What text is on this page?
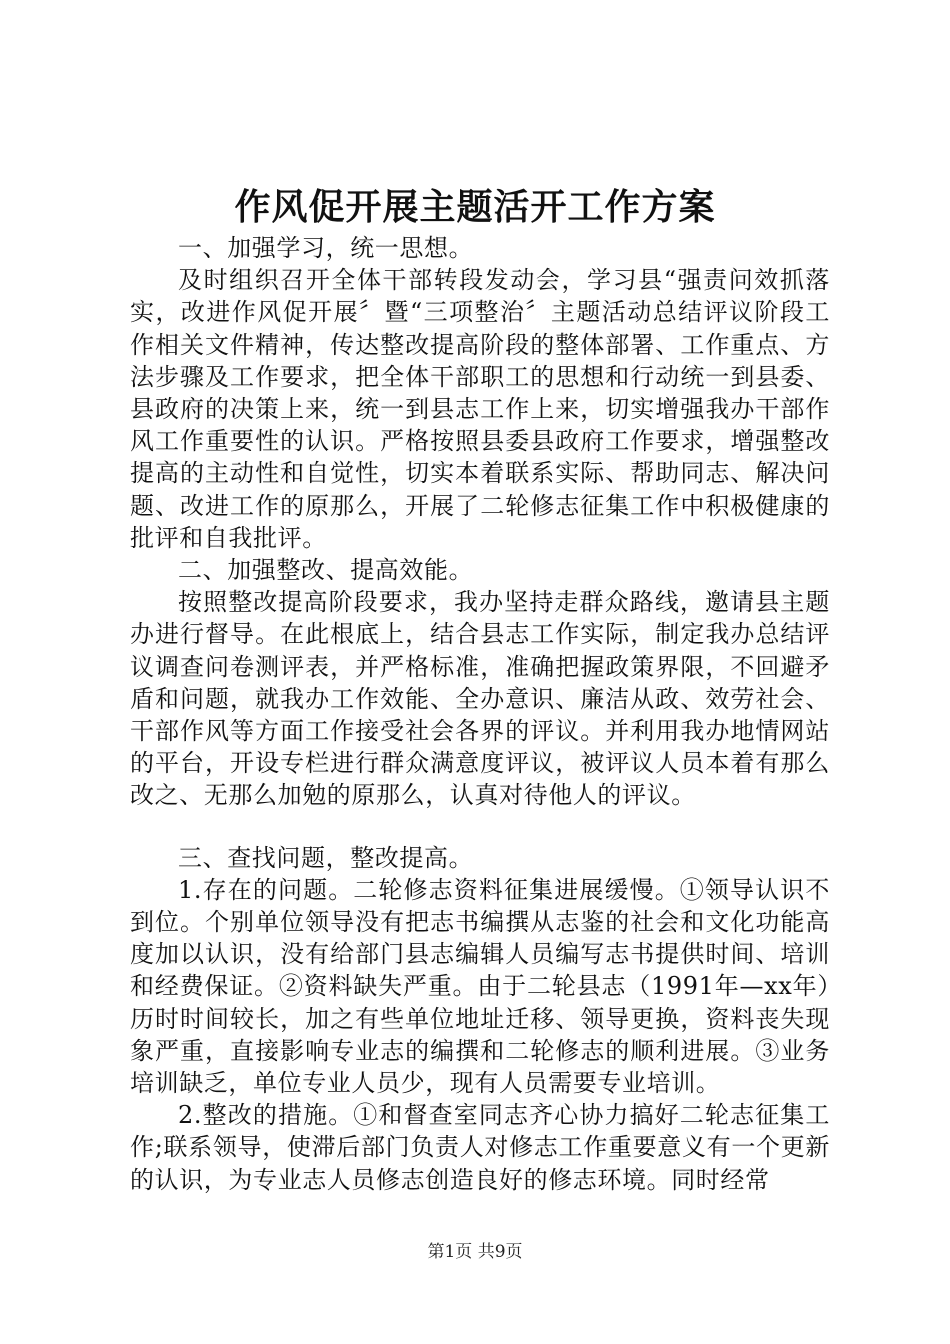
作风促开展主题活开工作方案

一、加强学习，统一思想。

及时组织召开全体干部转段发动会，学习县“强责问效抓落实，改进作风促开展〞暨“三项整治〞主题活动总结评议阶段工作相关文件精神，传达整改提高阶段的整体部署、工作重点、方法步骤及工作要求，把全体干部职工的思想和行动统一到县委、县政府的决策上来，统一到县志工作上来，切实增强我办干部作风工作重要性的认识。严格按照县委县政府工作要求，增强整改提高的主动性和自觉性，切实本着联系实际、帮助同志、解决问题、改进工作的原那么，开展了二轮修志征集工作中积极健康的批评和自我批评。

二、加强整改、提高效能。

按照整改提高阶段要求，我办坚持走群众路线，邀请县主题办进行督导。在此根底上，结合县志工作实际，制定我办总结评议调查问卷测评表，并严格标准，准确把握政策界限，不回避矛盾和问题，就我办工作效能、全办意识、廉洁从政、效劳社会、干部作风等方面工作接受社会各界的评议。并利用我办地情网站的平台，开设专栏进行群众满意度评议，被评议人员本着有那么改之、无那么加勉的原那么，认真对待他人的评议。

三、查找问题，整改提高。

1.存在的问题。二轮修志资料征集进展缓慢。①领导认识不到位。个别单位领导没有把志书编撰从志鉴的社会和文化功能高度加以认识，没有给部门县志编辑人员编写志书提供时间、培训和经费保证。②资料缺失严重。由于二轮县志（1991年—xx年）历时时间较长，加之有些单位地址迁移、领导更换，资料丧失现象严重，直接影响专业志的编撰和二轮修志的顺利进展。③业务培训缺乏，单位专业人员少，现有人员需要专业培训。

2.整改的措施。①和督查室同志齐心协力搞好二轮志征集工作;联系领导，使滞后部门负责人对修志工作重要意义有一个更新的认识，为专业志人员修志创造良好的修志环境。同时经常

第1页 共9页
